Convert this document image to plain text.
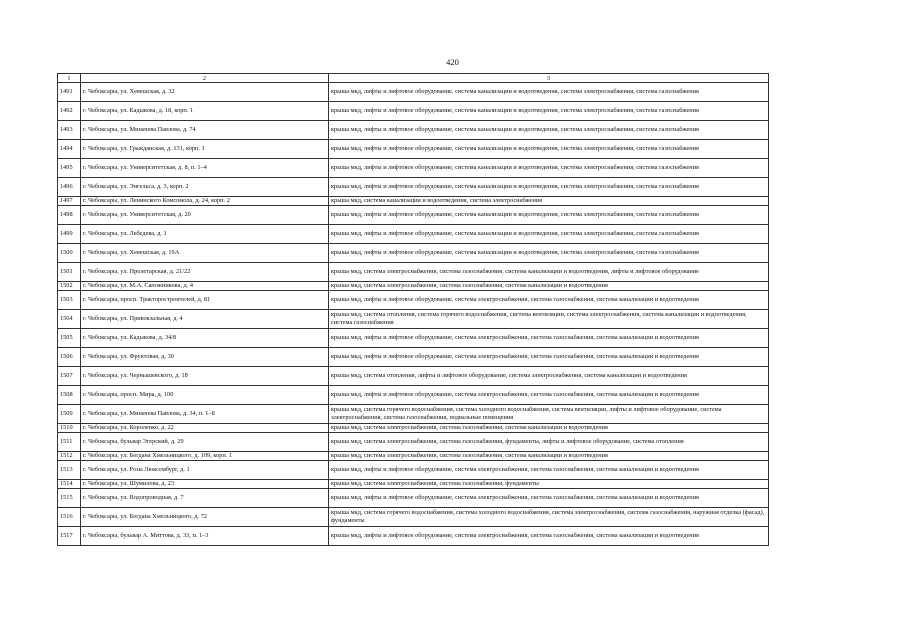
420
1	2	3
1491	г. Чебоксары, ул. Хевешская, д. 32	крыша мкд, лифты и лифтовое оборудование, система канализации и водоотведения, система электроснабжения, система газоснабжения
1492	г. Чебоксары, ул. Кадыкова, д. 18, корп. 1	крыша мкд, лифты и лифтовое оборудование, система канализации и водоотведения, система электроснабжения, система газоснабжения
1493	г. Чебоксары, ул. Миначева Павлова, д. 74	крыша мкд, лифты и лифтовое оборудование, система канализации и водоотведения, система электроснабжения, система газоснабжения
1494	г. Чебоксары, ул. Гражданская, д. 131, корп. 1	крыша мкд, лифты и лифтовое оборудование, система канализации и водоотведения, система электроснабжения, система газоснабжения
1495	г. Чебоксары, ул. Университетская, д. 8, п. 1–4	крыша мкд, лифты и лифтовое оборудование, система канализации и водоотведения, система электроснабжения, система газоснабжения
1496	г. Чебоксары, ул. Энгельса, д. 3, корп. 2	крыша мкд, лифты и лифтовое оборудование, система канализации и водоотведения, система электроснабжения, система газоснабжения
1497	г. Чебоксары, ул. Ленинского Комсомола, д. 24, корп. 2	крыша мкд, система канализации и водоотведения, система электроснабжения
1498	г. Чебоксары, ул. Университетская, д. 20	крыша мкд, лифты и лифтовое оборудование, система канализации и водоотведения, система электроснабжения, система газоснабжения
1499	г. Чебоксары, ул. Лебедева, д. 1	крыша мкд, лифты и лифтовое оборудование, система канализации и водоотведения, система электроснабжения, система газоснабжения
1500	г. Чебоксары, ул. Хевешская, д. 19А	крыша мкд, лифты и лифтовое оборудование, система канализации и водоотведения, система электроснабжения, система газоснабжения
1501	г. Чебоксары, ул. Пролетарская, д. 21/22	крыша мкд, система электроснабжения, система газоснабжения, система канализации и водоотведения, лифты и лифтовое оборудование
1502	г. Чебоксары, ул. М.А. Сапожникова, д. 4	крыша мкд, система электроснабжения, система газоснабжения, система канализации и водоотведения
1503	г. Чебоксары, просп. Тракторостроителей, д. 81	крыша мкд, лифты и лифтовое оборудование, система электроснабжения, система газоснабжения, система канализации и водоотведения
1504	г. Чебоксары, ул. Привокзальная, д. 4	крыша мкд, система отопления, система горячего водоснабжения, система вентиляции, система электроснабжения, система канализации и водоотведения, система газоснабжения
1505	г. Чебоксары, ул. Кадыкова, д. 34/8	крыша мкд, лифты и лифтовое оборудование, система электроснабжения, система газоснабжения, система канализации и водоотведения
1506	г. Чебоксары, ул. Фруктовая, д. 30	крыша мкд, лифты и лифтовое оборудование, система электроснабжения, система газоснабжения, система канализации и водоотведения
1507	г. Чебоксары, ул. Чернышевского, д. 18	крыша мкд, система отопления, лифты и лифтовое оборудование, система электроснабжения, система канализации и водоотведения
1508	г. Чебоксары, просп. Мира, д. 100	крыша мкд, лифты и лифтовое оборудование, система электроснабжения, система газоснабжения, система канализации и водоотведения
1509	г. Чебоксары, ул. Миначева Павлова, д. 34, п. 1–8	крыша мкд, система горячего водоснабжения, система холодного водоснабжения, система вентиляции, лифты и лифтовое оборудование, система электроснабжения, система газоснабжения, подвальные помещения
1510	г. Чебоксары, ул. Короленко, д. 22	крыша мкд, система электроснабжения, система газоснабжения, система канализации и водоотведения
1511	г. Чебоксары, бульвар Эгерский, д. 29	крыша мкд, система электроснабжения, система газоснабжения, фундаменты, лифты и лифтовое оборудование, система отопления
1512	г. Чебоксары, ул. Богдана Хмельницкого, д. 109, корп. 1	крыша мкд, система электроснабжения, система газоснабжения, система канализации и водоотведения
1513	г. Чебоксары, ул. Розы Люксембург, д. 1	крыша мкд, лифты и лифтовое оборудование, система электроснабжения, система газоснабжения, система канализации и водоотведения
1514	г. Чебоксары, ул. Шумилова, д. 23	крыша мкд, система электроснабжения, система газоснабжения, фундаменты
1515	г. Чебоксары, ул. Водопроводная, д. 7	крыша мкд, лифты и лифтовое оборудование, система электроснабжения, система газоснабжения, система канализации и водоотведения
1516	г. Чебоксары, ул. Богдана Хмельницкого, д. 72	крыша мкд, система горячего водоснабжения, система холодного водоснабжения, система электроснабжения, система газоснабжения, наружная отделка (фасад), фундаменты
1517	г. Чебоксары, бульвар А. Миттова, д. 33, п. 1–3	крыша мкд, лифты и лифтовое оборудование, система электроснабжения, система газоснабжения, система канализации и водоотведения
